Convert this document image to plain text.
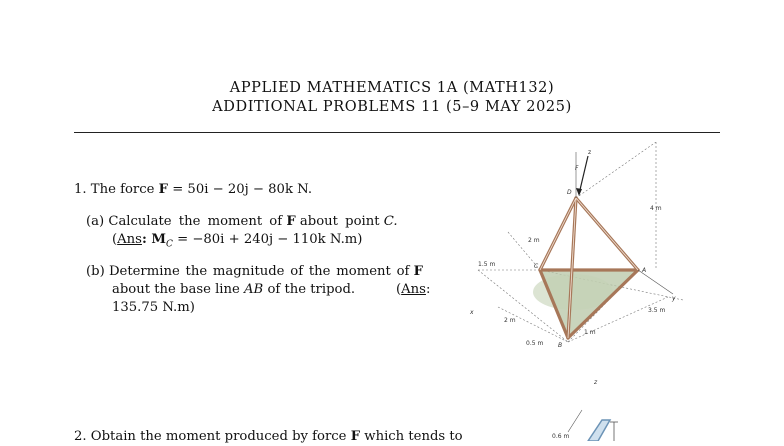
APPLIED MATHEMATICS 1A (MATH132)
ADDITIONAL PROBLEMS 11 (5–9 MAY 2025)
1. The force F = 50i − 20j − 80k N.
(a) Calculate the moment of F about point C.
(Ans: $M_C = -80i + 240j - 110k$ N.m)
(b) Determine the magnitude of the moment of F
about the base line AB of the tripod.	(Ans:
135.75 N.m)
2. Obtain the moment produced by force F which tends to
z
F
D
C
A
B
x
y
4 m
2 m
1.5 m
2 m
3.5 m
1 m
0.5 m
z
0.6 m
